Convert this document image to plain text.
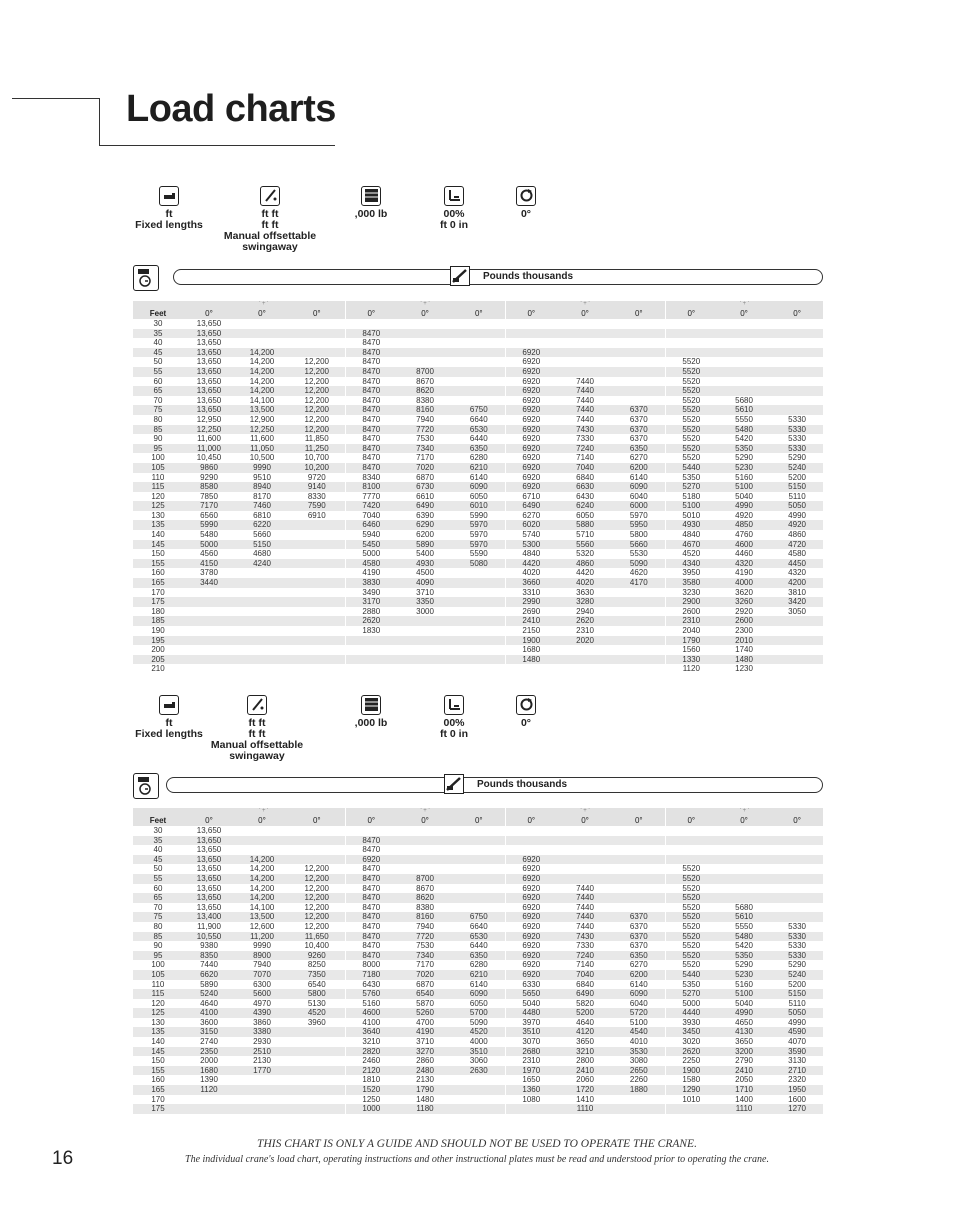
Load charts
ft
Fixed lengths
ft ft
ft ft
Manual offsettable
swingaway
,000 lb	00%
ft 0 in
0°
Pounds thousands
	' + '			' + '			' + '			' + '		
Feet	0°	0°	0°	0°	0°	0°	0°	0°	0°	0°	0°	0°
30	13,650											
35	13,650			8470								
40	13,650			8470								
45	13,650	14,200		8470			6920					
50	13,650	14,200	12,200	8470			6920			5520		
55	13,650	14,200	12,200	8470	8700		6920			5520		
60	13,650	14,200	12,200	8470	8670		6920	7440		5520		
65	13,650	14,200	12,200	8470	8620		6920	7440		5520		
70	13,650	14,100	12,200	8470	8380		6920	7440		5520	5680	
75	13,650	13,500	12,200	8470	8160	6750	6920	7440	6370	5520	5610	
80	12,950	12,900	12,200	8470	7940	6640	6920	7440	6370	5520	5550	5330
85	12,250	12,250	12,200	8470	7720	6530	6920	7430	6370	5520	5480	5330
90	11,600	11,600	11,850	8470	7530	6440	6920	7330	6370	5520	5420	5330
95	11,000	11,050	11,250	8470	7340	6350	6920	7240	6350	5520	5350	5330
100	10,450	10,500	10,700	8470	7170	6280	6920	7140	6270	5520	5290	5290
105	9860	9990	10,200	8470	7020	6210	6920	7040	6200	5440	5230	5240
110	9290	9510	9720	8340	6870	6140	6920	6840	6140	5350	5160	5200
115	8580	8940	9140	8100	6730	6090	6920	6630	6090	5270	5100	5150
120	7850	8170	8330	7770	6610	6050	6710	6430	6040	5180	5040	5110
125	7170	7460	7590	7420	6490	6010	6490	6240	6000	5100	4990	5050
130	6560	6810	6910	7040	6390	5990	6270	6050	5970	5010	4920	4990
135	5990	6220		6460	6290	5970	6020	5880	5950	4930	4850	4920
140	5480	5660		5940	6200	5970	5740	5710	5800	4840	4760	4860
145	5000	5150		5450	5890	5970	5300	5560	5660	4670	4600	4720
150	4560	4680		5000	5400	5590	4840	5320	5530	4520	4460	4580
155	4150	4240		4580	4930	5080	4420	4860	5090	4340	4320	4450
160	3780			4190	4500		4020	4420	4620	3950	4190	4320
165	3440			3830	4090		3660	4020	4170	3580	4000	4200
170				3490	3710		3310	3630		3230	3620	3810
175				3170	3350		2990	3280		2900	3260	3420
180				2880	3000		2690	2940		2600	2920	3050
185				2620			2410	2620		2310	2600	
190				1830			2150	2310		2040	2300	
195							1900	2020		1790	2010	
200							1680			1560	1740	
205							1480			1330	1480	
210										1120	1230	
ft
Fixed lengths
ft ft
ft ft
Manual offsettable
swingaway
,000 lb	00%
ft 0 in
0°
Pounds thousands
	' + '			' + '			' + '			' + '		
Feet	0°	0°	0°	0°	0°	0°	0°	0°	0°	0°	0°	0°
30	13,650											
35	13,650			8470								
40	13,650			8470								
45	13,650	14,200		6920			6920					
50	13,650	14,200	12,200	8470			6920			5520		
55	13,650	14,200	12,200	8470	8700		6920			5520		
60	13,650	14,200	12,200	8470	8670		6920	7440		5520		
65	13,650	14,200	12,200	8470	8620		6920	7440		5520		
70	13,650	14,100	12,200	8470	8380		6920	7440		5520	5680	
75	13,400	13,500	12,200	8470	8160	6750	6920	7440	6370	5520	5610	
80	11,900	12,600	12,200	8470	7940	6640	6920	7440	6370	5520	5550	5330
85	10,550	11,200	11,650	8470	7720	6530	6920	7430	6370	5520	5480	5330
90	9380	9990	10,400	8470	7530	6440	6920	7330	6370	5520	5420	5330
95	8350	8900	9260	8470	7340	6350	6920	7240	6350	5520	5350	5330
100	7440	7940	8250	8000	7170	6280	6920	7140	6270	5520	5290	5290
105	6620	7070	7350	7180	7020	6210	6920	7040	6200	5440	5230	5240
110	5890	6300	6540	6430	6870	6140	6330	6840	6140	5350	5160	5200
115	5240	5600	5800	5760	6540	6090	5650	6490	6090	5270	5100	5150
120	4640	4970	5130	5160	5870	6050	5040	5820	6040	5000	5040	5110
125	4100	4390	4520	4600	5260	5700	4480	5200	5720	4440	4990	5050
130	3600	3860	3960	4100	4700	5090	3970	4640	5100	3930	4650	4990
135	3150	3380		3640	4190	4520	3510	4120	4540	3450	4130	4590
140	2740	2930		3210	3710	4000	3070	3650	4010	3020	3650	4070
145	2350	2510		2820	3270	3510	2680	3210	3530	2620	3200	3590
150	2000	2130		2460	2860	3060	2310	2800	3080	2250	2790	3130
155	1680	1770		2120	2480	2630	1970	2410	2650	1900	2410	2710
160	1390			1810	2130		1650	2060	2260	1580	2050	2320
165	1120			1520	1790		1360	1720	1880	1290	1710	1950
170				1250	1480		1080	1410		1010	1400	1600
175				1000	1180			1110			1110	1270
THIS CHART IS ONLY A GUIDE AND SHOULD NOT BE USED TO OPERATE THE CRANE.
The individual crane's load chart, operating instructions and other instructional plates must be read and understood prior to operating the crane.
16
